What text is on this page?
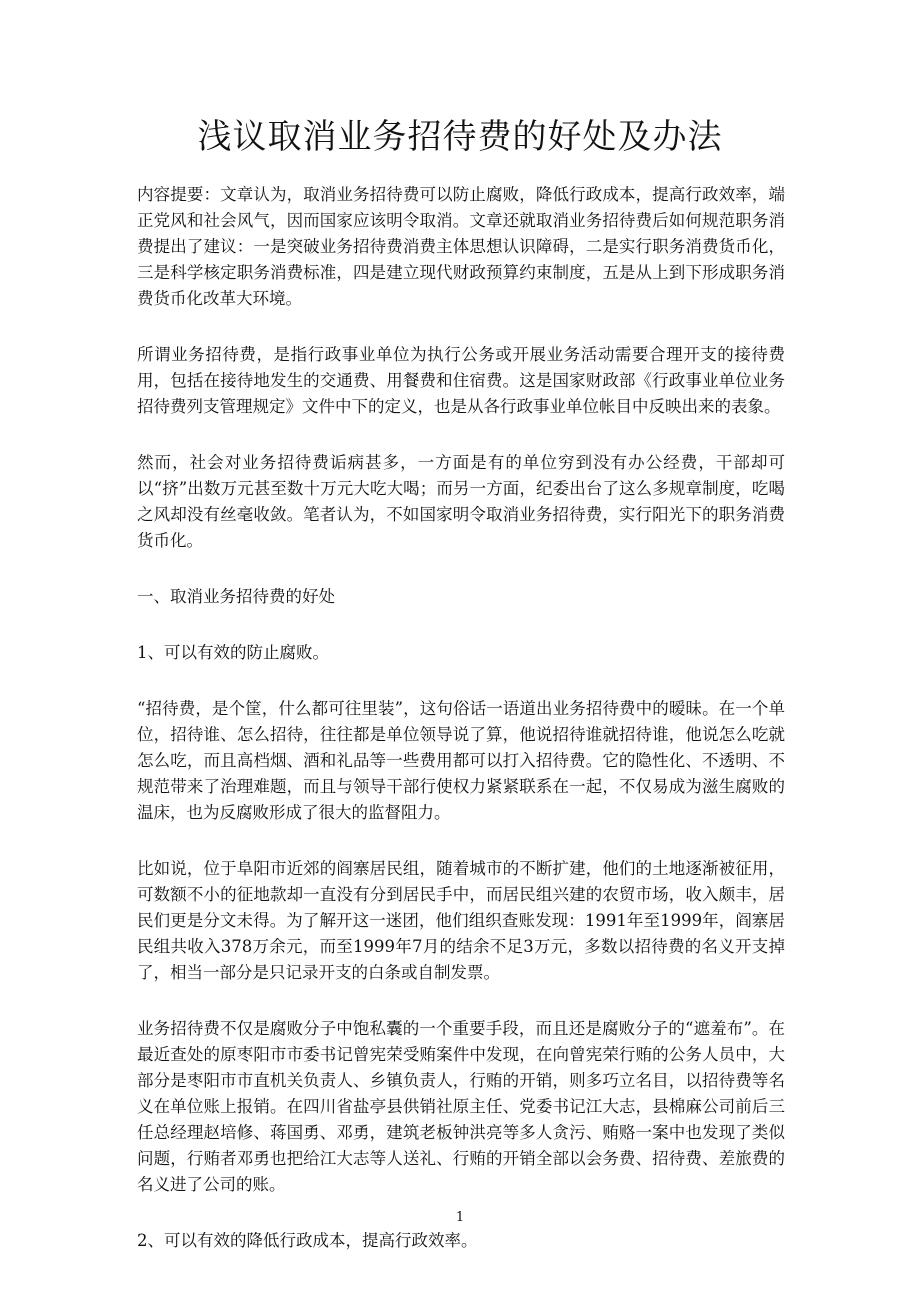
浅议取消业务招待费的好处及办法

内容提要：文章认为，取消业务招待费可以防止腐败，降低行政成本，提高行政效率，端正党风和社会风气，因而国家应该明令取消。文章还就取消业务招待费后如何规范职务消费提出了建议：一是突破业务招待费消费主体思想认识障碍，二是实行职务消费货币化，三是科学核定职务消费标准，四是建立现代财政预算约束制度，五是从上到下形成职务消费货币化改革大环境。

所谓业务招待费，是指行政事业单位为执行公务或开展业务活动需要合理开支的接待费用，包括在接待地发生的交通费、用餐费和住宿费。这是国家财政部《行政事业单位业务招待费列支管理规定》文件中下的定义，也是从各行政事业单位帐目中反映出来的表象。

然而，社会对业务招待费诟病甚多，一方面是有的单位穷到没有办公经费，干部却可以“挤”出数万元甚至数十万元大吃大喝；而另一方面，纪委出台了这么多规章制度，吃喝之风却没有丝毫收敛。笔者认为，不如国家明令取消业务招待费，实行阳光下的职务消费货币化。

一、取消业务招待费的好处

1、可以有效的防止腐败。

“招待费，是个筐，什么都可往里装”，这句俗话一语道出业务招待费中的暧昧。在一个单位，招待谁、怎么招待，往往都是单位领导说了算，他说招待谁就招待谁，他说怎么吃就怎么吃，而且高档烟、酒和礼品等一些费用都可以打入招待费。它的隐性化、不透明、不规范带来了治理难题，而且与领导干部行使权力紧紧联系在一起，不仅易成为滋生腐败的温床，也为反腐败形成了很大的监督阻力。

比如说，位于阜阳市近郊的阎寨居民组，随着城市的不断扩建，他们的土地逐渐被征用，可数额不小的征地款却一直没有分到居民手中，而居民组兴建的农贸市场，收入颇丰，居民们更是分文未得。为了解开这一迷团，他们组织查账发现：1991年至1999年，阎寨居民组共收入378万余元，而至1999年7月的结余不足3万元，多数以招待费的名义开支掉了，相当一部分是只记录开支的白条或自制发票。

业务招待费不仅是腐败分子中饱私囊的一个重要手段，而且还是腐败分子的“遮羞布”。在最近查处的原枣阳市市委书记曾宪荣受贿案件中发现，在向曾宪荣行贿的公务人员中，大部分是枣阳市市直机关负责人、乡镇负责人，行贿的开销，则多巧立名目，以招待费等名义在单位账上报销。在四川省盐亭县供销社原主任、党委书记江大志，县棉麻公司前后三任总经理赵培修、蒋国勇、邓勇，建筑老板钟洪亮等多人贪污、贿赂一案中也发现了类似问题，行贿者邓勇也把给江大志等人送礼、行贿的开销全部以会务费、招待费、差旅费的名义进了公司的账。

2、可以有效的降低行政成本，提高行政效率。

1
